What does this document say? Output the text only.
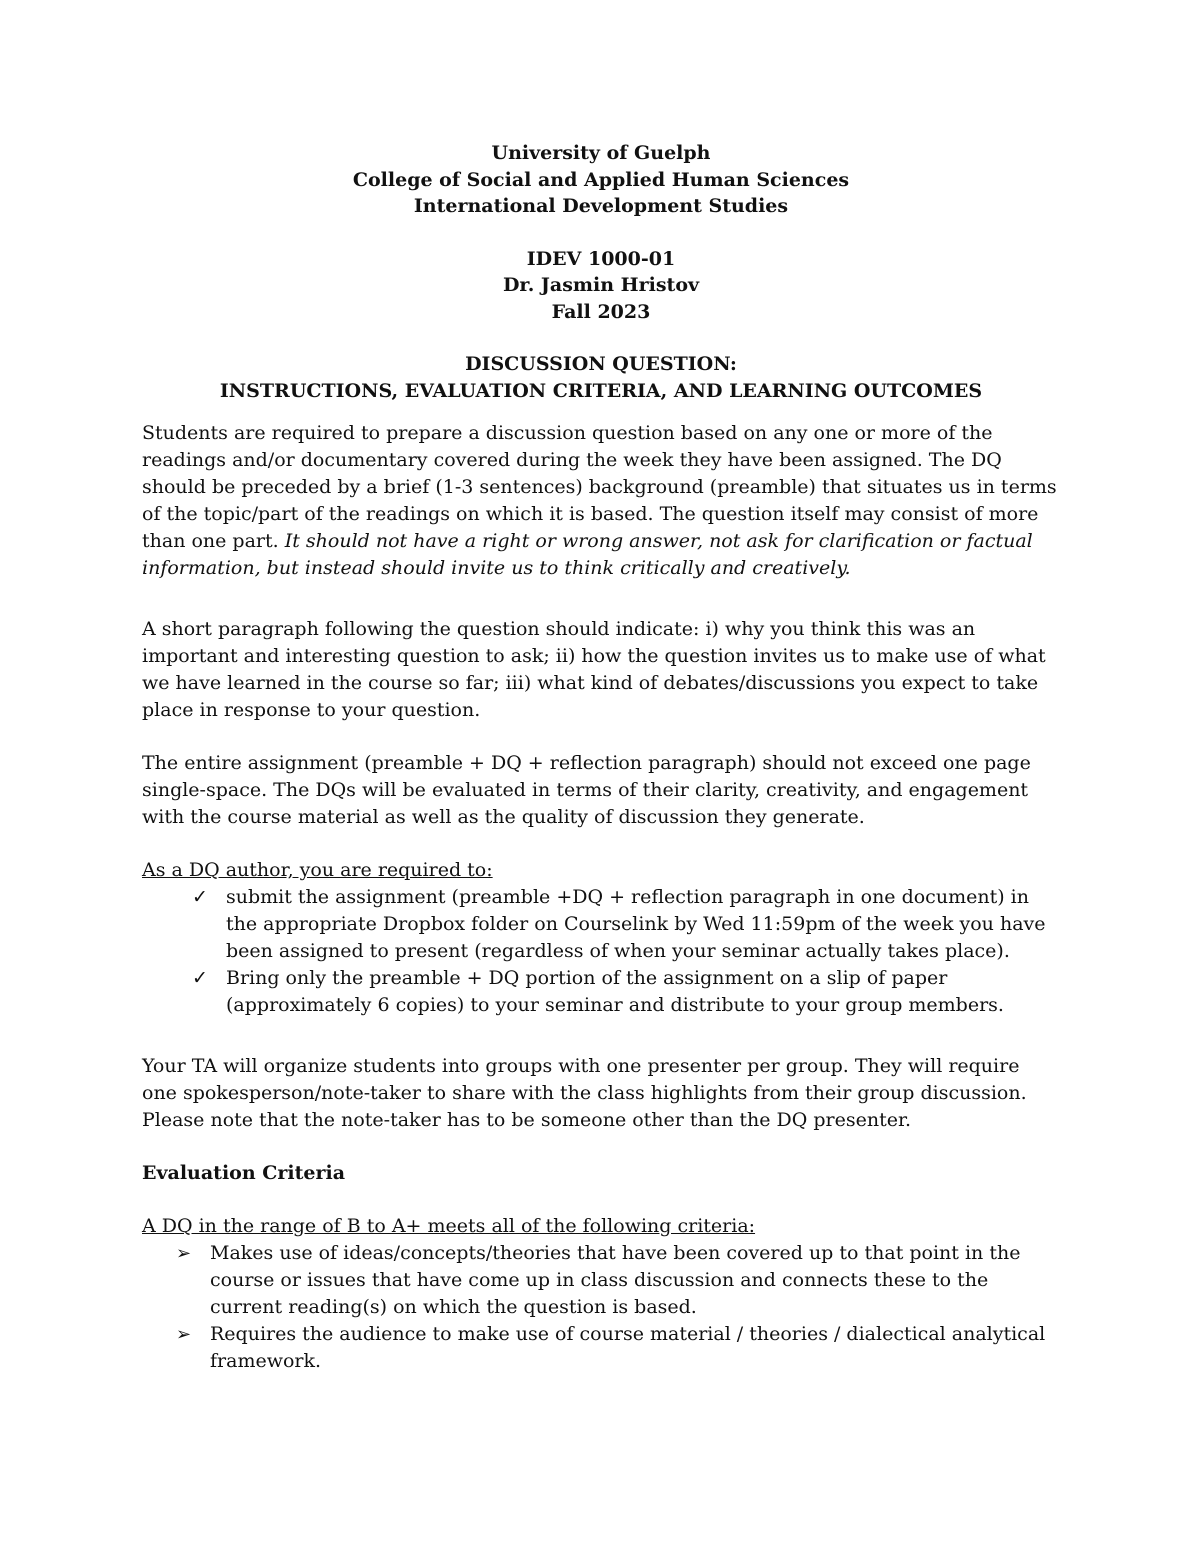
University of Guelph
College of Social and Applied Human Sciences
International Development Studies
IDEV 1000-01
Dr. Jasmin Hristov
Fall 2023
DISCUSSION QUESTION:
INSTRUCTIONS, EVALUATION CRITERIA, AND LEARNING OUTCOMES

Students are required to prepare a discussion question based on any one or more of the readings and/or documentary covered during the week they have been assigned. The DQ should be preceded by a brief (1-3 sentences) background (preamble) that situates us in terms of the topic/part of the readings on which it is based. The question itself may consist of more than one part. It should not have a right or wrong answer, not ask for clarification or factual information, but instead should invite us to think critically and creatively.

A short paragraph following the question should indicate: i) why you think this was an important and interesting question to ask; ii) how the question invites us to make use of what we have learned in the course so far; iii) what kind of debates/discussions you expect to take place in response to your question.

The entire assignment (preamble + DQ + reflection paragraph) should not exceed one page single-space. The DQs will be evaluated in terms of their clarity, creativity, and engagement with the course material as well as the quality of discussion they generate.

As a DQ author, you are required to:
✓ submit the assignment (preamble +DQ + reflection paragraph in one document) in the appropriate Dropbox folder on Courselink by Wed 11:59pm of the week you have been assigned to present (regardless of when your seminar actually takes place).
✓ Bring only the preamble + DQ portion of the assignment on a slip of paper (approximately 6 copies) to your seminar and distribute to your group members.

Your TA will organize students into groups with one presenter per group. They will require one spokesperson/note-taker to share with the class highlights from their group discussion. Please note that the note-taker has to be someone other than the DQ presenter.

Evaluation Criteria
A DQ in the range of B to A+ meets all of the following criteria:
➢ Makes use of ideas/concepts/theories that have been covered up to that point in the course or issues that have come up in class discussion and connects these to the current reading(s) on which the question is based.
➢ Requires the audience to make use of course material / theories / dialectical analytical framework.
